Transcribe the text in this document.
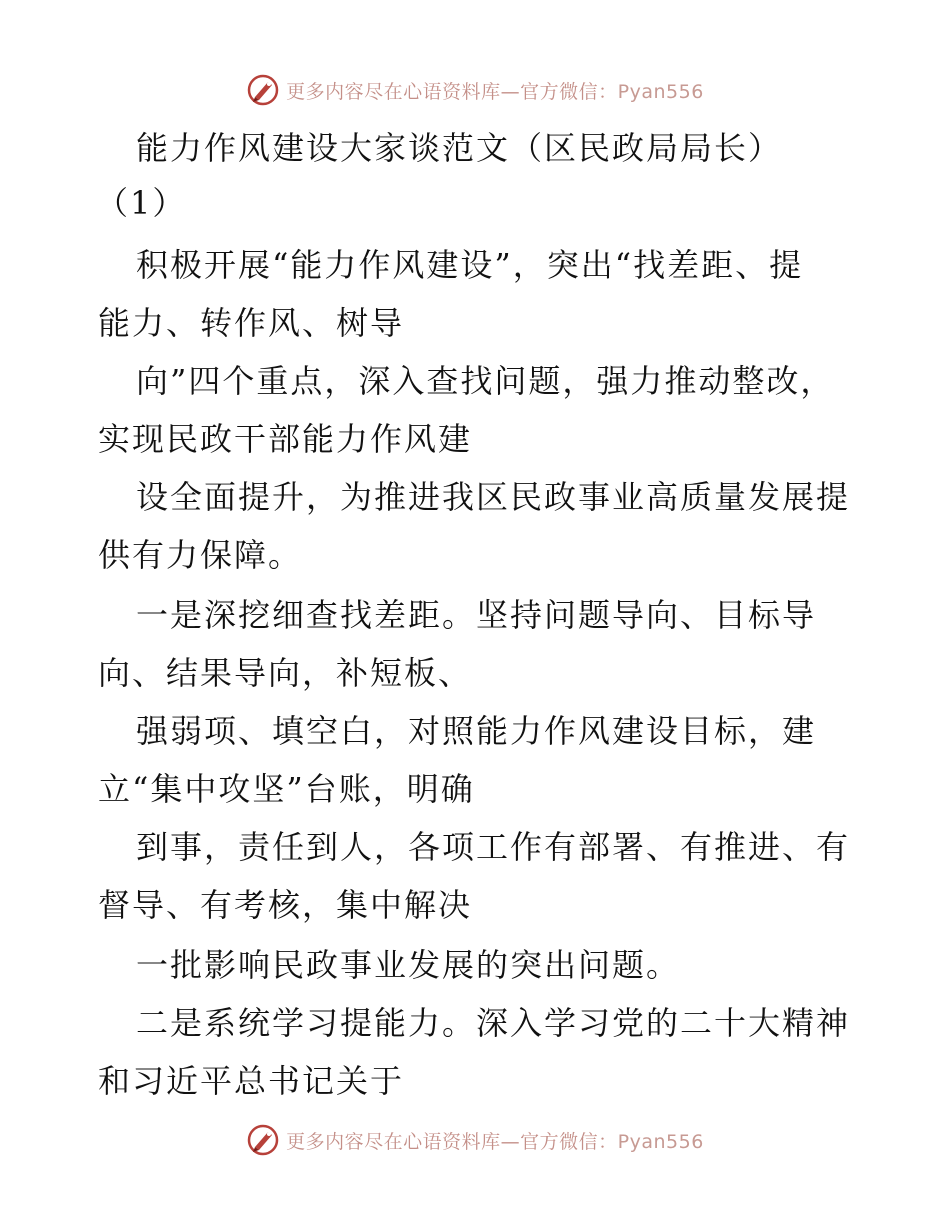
更多内容尽在心语资料库—官方微信：Pyan556
能力作风建设大家谈范文（区民政局局长）
（1）
积极开展“能力作风建设”，突出“找差距、提
能力、转作风、树导
向”四个重点，深入查找问题，强力推动整改，
实现民政干部能力作风建
设全面提升，为推进我区民政事业高质量发展提
供有力保障。
一是深挖细查找差距。坚持问题导向、目标导
向、结果导向，补短板、
强弱项、填空白，对照能力作风建设目标，建
立“集中攻坚”台账，明确
到事，责任到人，各项工作有部署、有推进、有
督导、有考核，集中解决
一批影响民政事业发展的突出问题。
二是系统学习提能力。深入学习党的二十大精神
和习近平总书记关于
更多内容尽在心语资料库—官方微信：Pyan556
